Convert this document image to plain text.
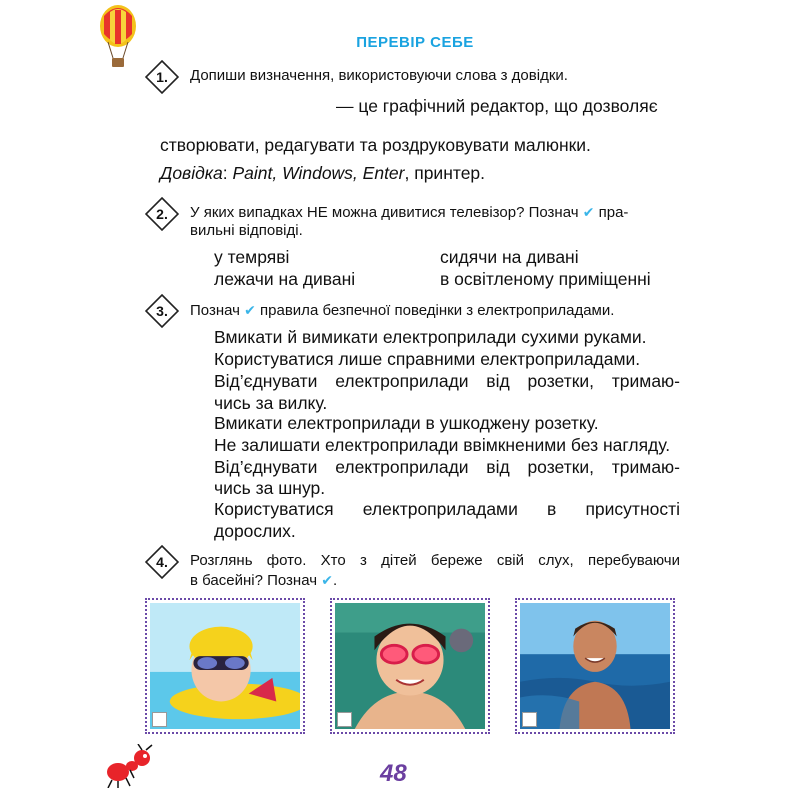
ПЕРЕВІР СЕБЕ
1. Допиши визначення, використовуючи слова з довідки.
— це графічний редактор, що дозволяє
створювати, редагувати та роздруковувати малюнки.
Довідка: Paint, Windows, Enter, принтер.
2. У яких випадках НЕ можна дивитися телевізор? Познач ✔ пра-
вильні відповіді.
у темряві	сидячи на дивані
лежачи на дивані	в освітленому приміщенні
3. Познач ✔ правила безпечної поведінки з електроприладами.
Вмикати й вимикати електроприлади сухими руками.
Користуватися лише справними електроприладами.
Від’єднувати електроприлади від розетки, тримаю-
чись за вилку.
Вмикати електроприлади в ушкоджену розетку.
Не залишати електроприлади ввімкненими без нагляду.
Від’єднувати електроприлади від розетки, тримаю-
чись за шнур.
Користуватися електроприладами в присутності
дорослих.
4. Розглянь фото. Хто з дітей береже свій слух, перебуваючи
в басейні? Познач ✔.
48
